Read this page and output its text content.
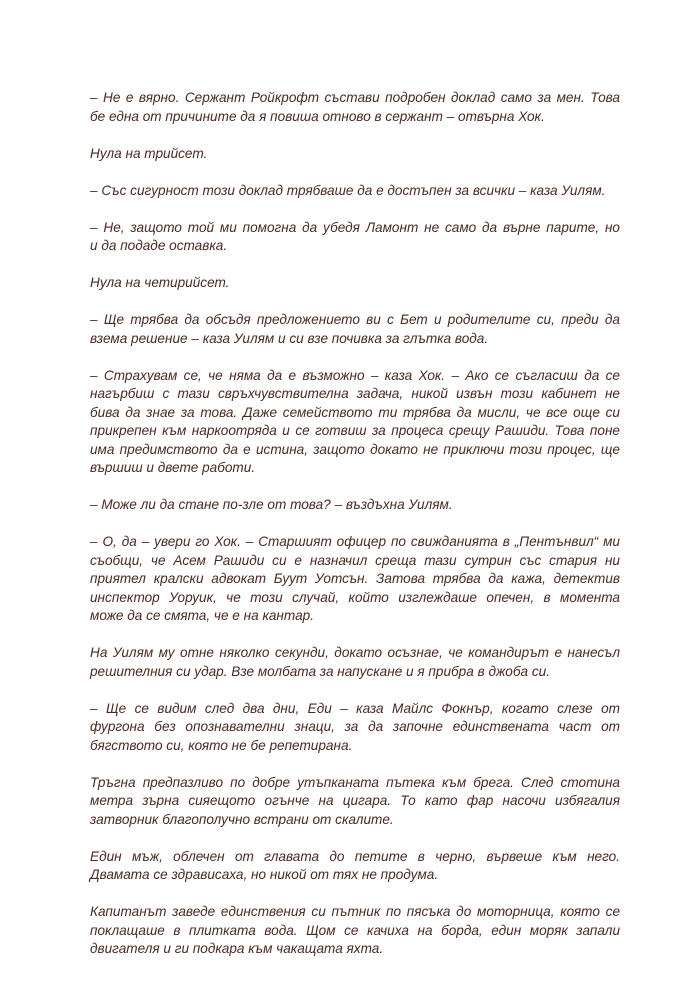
– Не е вярно. Сержант Ройкрофт състави подробен доклад само за мен. Това
бе една от причините да я повиша отново в сержант – отвърна Хок.

Нула на трийсет.

– Със сигурност този доклад трябваше да е достъпен за всички – каза Уилям.

– Не, защото той ми помогна да убедя Ламонт не само да върне парите, но
и да подаде оставка.

Нула на четирийсет.

– Ще трябва да обсъдя предложението ви с Бет и родителите си, преди да
взема решение – каза Уилям и си взе почивка за глътка вода.

– Страхувам се, че няма да е възможно – каза Хок. – Ако се съгласиш да се
нагърбиш с тази свръхчувствителна задача, никой извън този кабинет не
бива да знае за това. Даже семейството ти трябва да мисли, че все още си
прикрепен към наркоотряда и се готвиш за процеса срещу Рашиди. Това поне
има предимството да е истина, защото докато не приключи този процес, ще
вършиш и двете работи.

– Може ли да стане по-зле от това? – въздъхна Уилям.

– О, да – увери го Хок. – Старшият офицер по свижданията в „Пентънвил“ ми
съобщи, че Асем Рашиди си е назначил среща тази сутрин със стария ни
приятел кралски адвокат Буут Уотсън. Затова трябва да кажа, детектив
инспектор Уоруик, че този случай, който изглеждаше опечен, в момента
може да се смята, че е на кантар.

На Уилям му отне няколко секунди, докато осъзнае, че командирът е нанесъл
решителния си удар. Взе молбата за напускане и я прибра в джоба си.

– Ще се видим след два дни, Еди – каза Майлс Фокнър, когато слезе от
фургона без опознавателни знаци, за да започне единствената част от
бягството си, която не бе репетирана.

Тръгна предпазливо по добре утъпканата пътека към брега. След стотина
метра зърна сияещото огънче на цигара. То като фар насочи избягалия
затворник благополучно встрани от скалите.

Един мъж, облечен от главата до петите в черно, вървеше към него.
Двамата се здрависаха, но никой от тях не продума.

Капитанът заведе единствения си пътник по пясъка до моторница, която се
поклащаше в плитката вода. Щом се качиха на борда, един моряк запали
двигателя и ги подкара към чакащата яхта.
